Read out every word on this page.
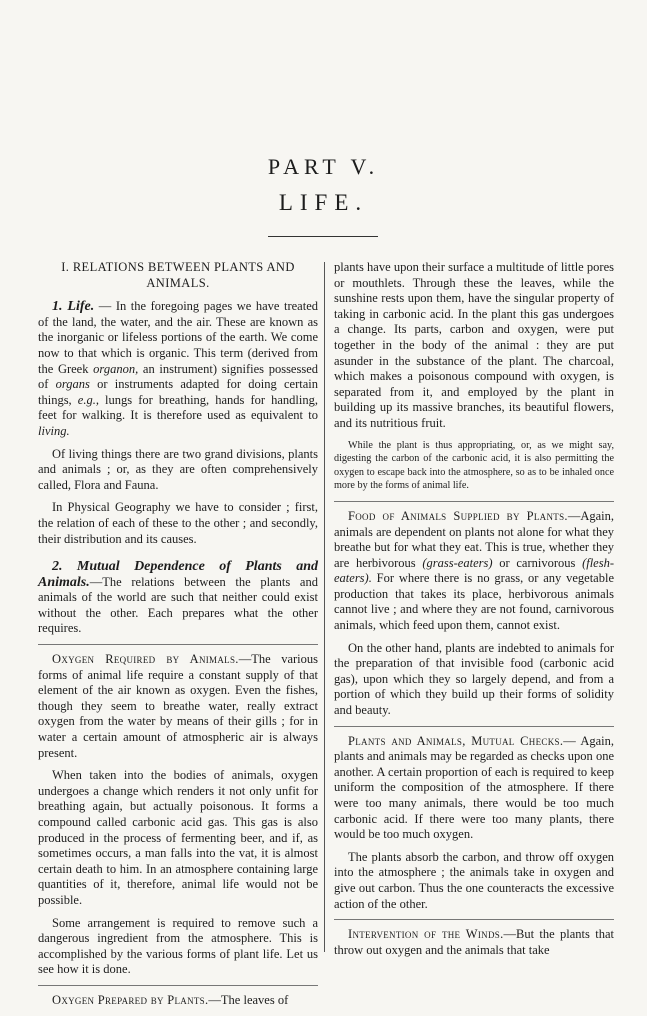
PART V.
LIFE.
I. RELATIONS BETWEEN PLANTS AND ANIMALS.

1. Life. — In the foregoing pages we have treated of the land, the water, and the air. These are known as the inorganic or lifeless portions of the earth. We come now to that which is organic. This term (derived from the Greek organon, an instrument) signifies possessed of organs or instruments adapted for doing certain things, e.g., lungs for breathing, hands for handling, feet for walking. It is therefore used as equivalent to living.

Of living things there are two grand divisions, plants and animals ; or, as they are often comprehensively called, Flora and Fauna.

In Physical Geography we have to consider ; first, the relation of each of these to the other ; and secondly, their distribution and its causes.

2. Mutual Dependence of Plants and Animals.—The relations between the plants and animals of the world are such that neither could exist without the other. Each prepares what the other requires.

Oxygen Required by Animals.—The various forms of animal life require a constant supply of that element of the air known as oxygen. Even the fishes, though they seem to breathe water, really extract oxygen from the water by means of their gills ; for in water a certain amount of atmospheric air is always present.

When taken into the bodies of animals, oxygen undergoes a change which renders it not only unfit for breathing again, but actually poisonous. It forms a compound called carbonic acid gas. This gas is also produced in the process of fermenting beer, and if, as sometimes occurs, a man falls into the vat, it is almost certain death to him. In an atmosphere containing large quantities of it, therefore, animal life would not be possible.

Some arrangement is required to remove such a dangerous ingredient from the atmosphere. This is accomplished by the various forms of plant life. Let us see how it is done.

Oxygen Prepared by Plants.—The leaves of

plants have upon their surface a multitude of little pores or mouthlets. Through these the leaves, while the sunshine rests upon them, have the singular property of taking in carbonic acid. In the plant this gas undergoes a change. Its parts, carbon and oxygen, were put together in the body of the animal : they are put asunder in the substance of the plant. The charcoal, which makes a poisonous compound with oxygen, is separated from it, and employed by the plant in building up its massive branches, its beautiful flowers, and its nutritious fruit.

While the plant is thus appropriating, or, as we might say, digesting the carbon of the carbonic acid, it is also permitting the oxygen to escape back into the atmosphere, so as to be inhaled once more by the forms of animal life.

Food of Animals Supplied by Plants.—Again, animals are dependent on plants not alone for what they breathe but for what they eat. This is true, whether they are herbivorous (grass-eaters) or carnivorous (flesh-eaters). For where there is no grass, or any vegetable production that takes its place, herbivorous animals cannot live ; and where they are not found, carnivorous animals, which feed upon them, cannot exist.

On the other hand, plants are indebted to animals for the preparation of that invisible food (carbonic acid gas), upon which they so largely depend, and from a portion of which they build up their forms of solidity and beauty.

Plants and Animals, Mutual Checks.— Again, plants and animals may be regarded as checks upon one another. A certain proportion of each is required to keep uniform the composition of the atmosphere. If there were too many animals, there would be too much carbonic acid. If there were too many plants, there would be too much oxygen.

The plants absorb the carbon, and throw off oxygen into the atmosphere ; the animals take in oxygen and give out carbon. Thus the one counteracts the excessive action of the other.

Intervention of the Winds.—But the plants that throw out oxygen and the animals that take
